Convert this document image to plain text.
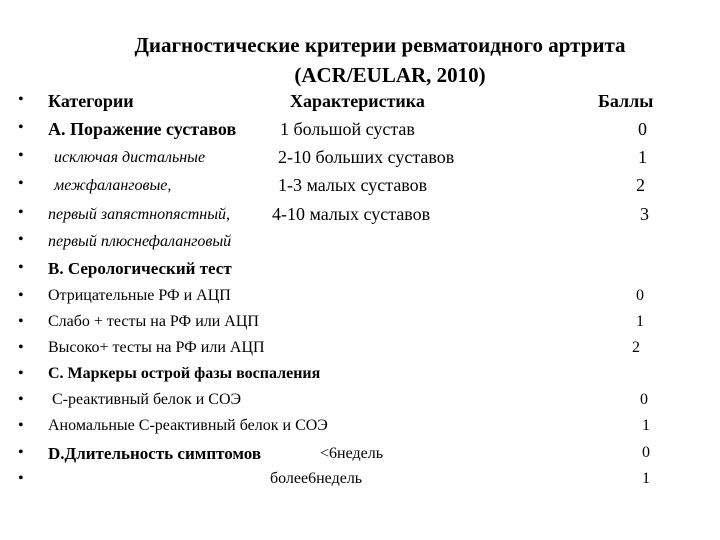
Диагностические критерии ревматоидного артрита
(ACR/EULAR, 2010)
• Категории	Характеристика	Баллы
• А. Поражение суставов 1 большой сустав	0
• исключая дистальные	2-10 больших суставов	1
• межфаланговые,	1-3 малых суставов	2
• первый запястнопястный, 4-10 малых суставов	3
• первый плюснефаланговый
• В. Серологический тест
• Отрицательные РФ и АЦП	0
• Слабо + тесты на РФ или АЦП	1
• Высоко+ тесты на РФ или АЦП	2
• С. Маркеры острой фазы воспаления
• С-реактивный белок и СОЭ	0
• Аномальные С-реактивный белок и СОЭ	1
• D.Длительность симптомов	<6недель	0
•	более6недель	1
